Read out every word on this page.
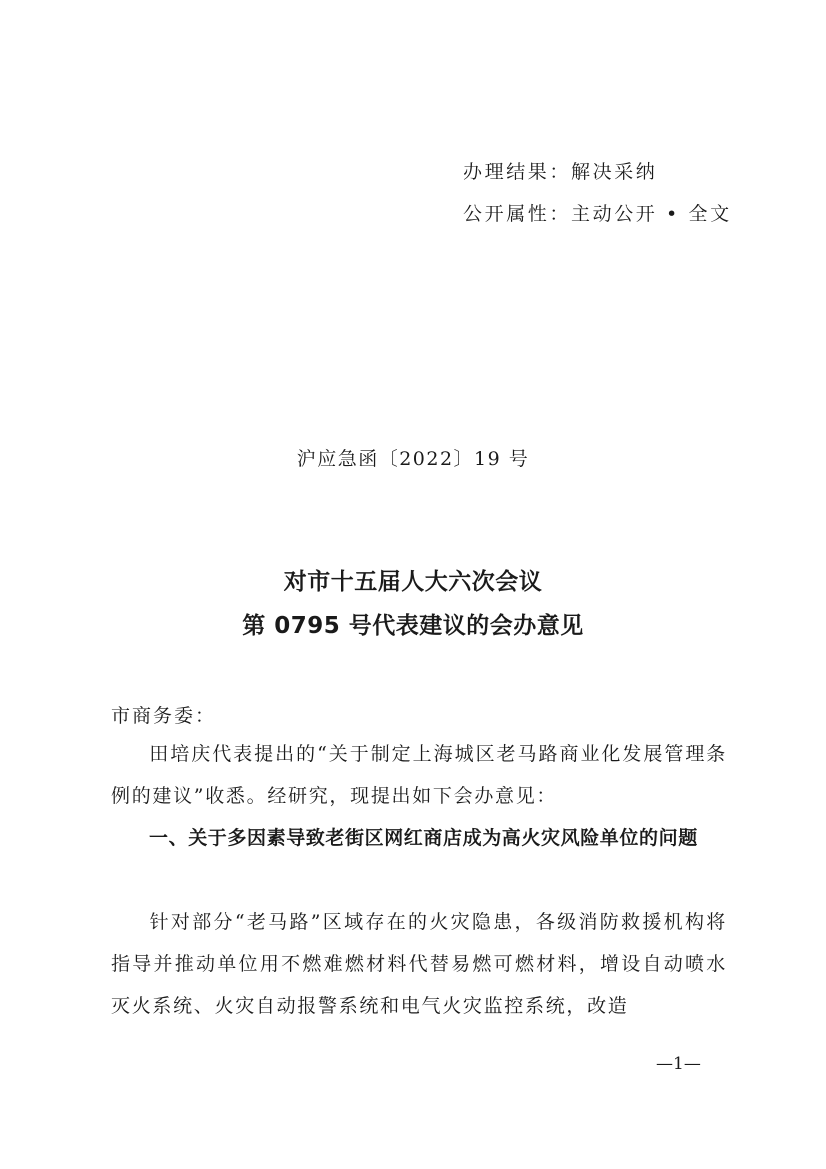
办理结果：解决采纳
公开属性：主动公开 • 全文
沪应急函〔2022〕19 号
对市十五届人大六次会议
第 0795 号代表建议的会办意见
市商务委：

田培庆代表提出的“关于制定上海城区老马路商业化发展管理条例的建议”收悉。经研究，现提出如下会办意见：

一、关于多因素导致老街区网红商店成为高火灾风险单位的问题

针对部分“老马路”区域存在的火灾隐患，各级消防救援机构将指导并推动单位用不燃难燃材料代替易燃可燃材料，增设自动喷水灭火系统、火灾自动报警系统和电气火灾监控系统，改造

—1—
